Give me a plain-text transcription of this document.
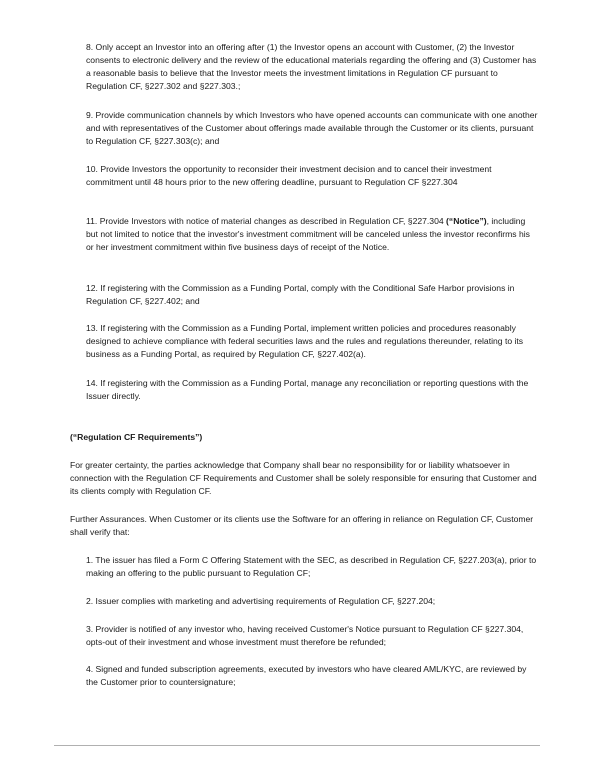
8. Only accept an Investor into an offering after (1) the Investor opens an account with Customer, (2) the Investor consents to electronic delivery and the review of the educational materials regarding the offering and (3) Customer has a reasonable basis to believe that the Investor meets the investment limitations in Regulation CF pursuant to Regulation CF, §227.302 and §227.303.;

9. Provide communication channels by which Investors who have opened accounts can communicate with one another and with representatives of the Customer about offerings made available through the Customer or its clients, pursuant to Regulation CF, §227.303(c); and

10. Provide Investors the opportunity to reconsider their investment decision and to cancel their investment commitment until 48 hours prior to the new offering deadline, pursuant to Regulation CF §227.304

11. Provide Investors with notice of material changes as described in Regulation CF, §227.304 (“Notice”), including but not limited to notice that the investor's investment commitment will be canceled unless the investor reconfirms his or her investment commitment within five business days of receipt of the Notice.

12. If registering with the Commission as a Funding Portal, comply with the Conditional Safe Harbor provisions in Regulation CF, §227.402; and

13. If registering with the Commission as a Funding Portal, implement written policies and procedures reasonably designed to achieve compliance with federal securities laws and the rules and regulations thereunder, relating to its business as a Funding Portal, as required by Regulation CF, §227.402(a).

14. If registering with the Commission as a Funding Portal, manage any reconciliation or reporting questions with the Issuer directly.

(“Regulation CF Requirements”)

For greater certainty, the parties acknowledge that Company shall bear no responsibility for or liability whatsoever in connection with the Regulation CF Requirements and Customer shall be solely responsible for ensuring that Customer and its clients comply with Regulation CF.

Further Assurances. When Customer or its clients use the Software for an offering in reliance on Regulation CF, Customer shall verify that:

1. The issuer has filed a Form C Offering Statement with the SEC, as described in Regulation CF, §227.203(a), prior to making an offering to the public pursuant to Regulation CF;

2. Issuer complies with marketing and advertising requirements of Regulation CF, §227.204;

3. Provider is notified of any investor who, having received Customer's Notice pursuant to Regulation CF §227.304, opts-out of their investment and whose investment must therefore be refunded;

4. Signed and funded subscription agreements, executed by investors who have cleared AML/KYC, are reviewed by the Customer prior to countersignature;
